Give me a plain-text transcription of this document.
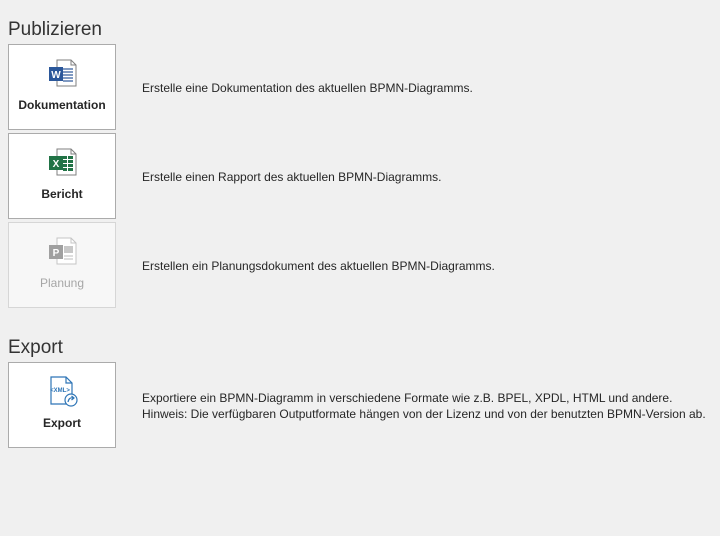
Publizieren
W
Dokumentation
Erstelle eine Dokumentation des aktuellen BPMN-Diagramms.
X
Bericht
Erstelle einen Rapport des aktuellen BPMN-Diagramms.
P
Planung
Erstellen ein Planungsdokument des aktuellen BPMN-Diagramms.
Export
<XML>
Export
Exportiere ein BPMN-Diagramm in verschiedene Formate wie z.B. BPEL, XPDL, HTML und andere.
Hinweis: Die verfügbaren Outputformate hängen von der Lizenz und von der benutzten BPMN-Version ab.
